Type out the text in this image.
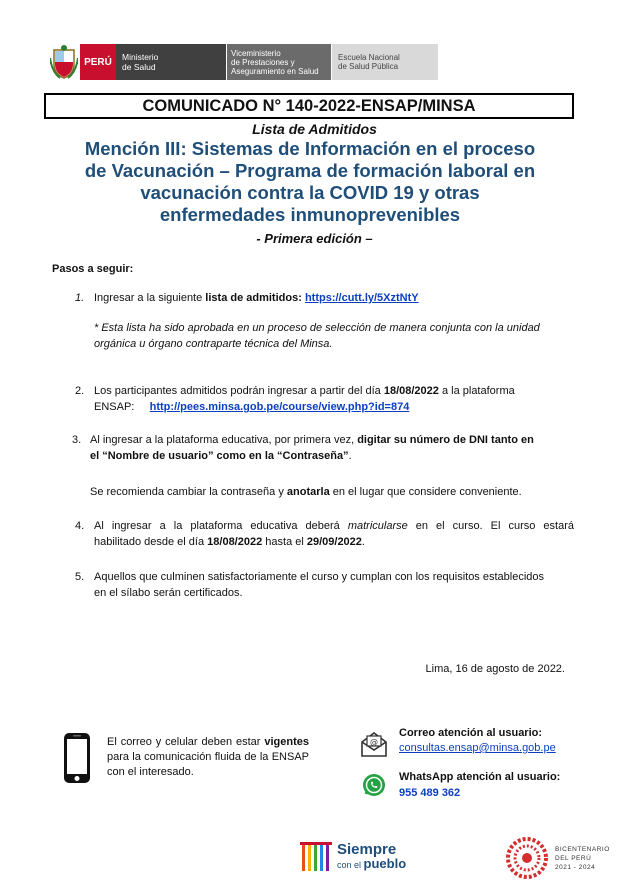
PERÚ	Ministerio
de Salud
Viceministerio
de Prestaciones y
Aseguramiento en Salud
Escuela Nacional
de Salud Pública
COMUNICADO N° 140-2022-ENSAP/MINSA
Lista de Admitidos
Mención III: Sistemas de Información en el proceso
de Vacunación – Programa de formación laboral en
vacunación contra la COVID 19 y otras
enfermedades inmunoprevenibles
- Primera edición –
Pasos a seguir:
1. Ingresar a la siguiente lista de admitidos: https://cutt.ly/5XztNtY
* Esta lista ha sido aprobada en un proceso de selección de manera conjunta con la unidad
orgánica u órgano contraparte técnica del Minsa.
2. Los participantes admitidos podrán ingresar a partir del día 18/08/2022 a la plataforma
ENSAP: http://pees.minsa.gob.pe/course/view.php?id=874
3. Al ingresar a la plataforma educativa, por primera vez, digitar su número de DNI tanto en
el “Nombre de usuario” como en la “Contraseña”.
Se recomienda cambiar la contraseña y anotarla en el lugar que considere conveniente.
4. Al ingresar a la plataforma educativa deberá matricularse en el curso. El curso estará
habilitado desde el día 18/08/2022 hasta el 29/09/2022.
5. Aquellos que culminen satisfactoriamente el curso y cumplan con los requisitos establecidos
en el sílabo serán certificados.
Lima, 16 de agosto de 2022.
El correo y celular deben estar vigentes para la comunicación fluida de la ENSAP con el interesado.
@
Correo atención al usuario:
consultas.ensap@minsa.gob.pe
WhatsApp atención al usuario:
955 489 362
Siempre
con el pueblo
BICENTENARIO
DEL PERÚ
2021 - 2024
